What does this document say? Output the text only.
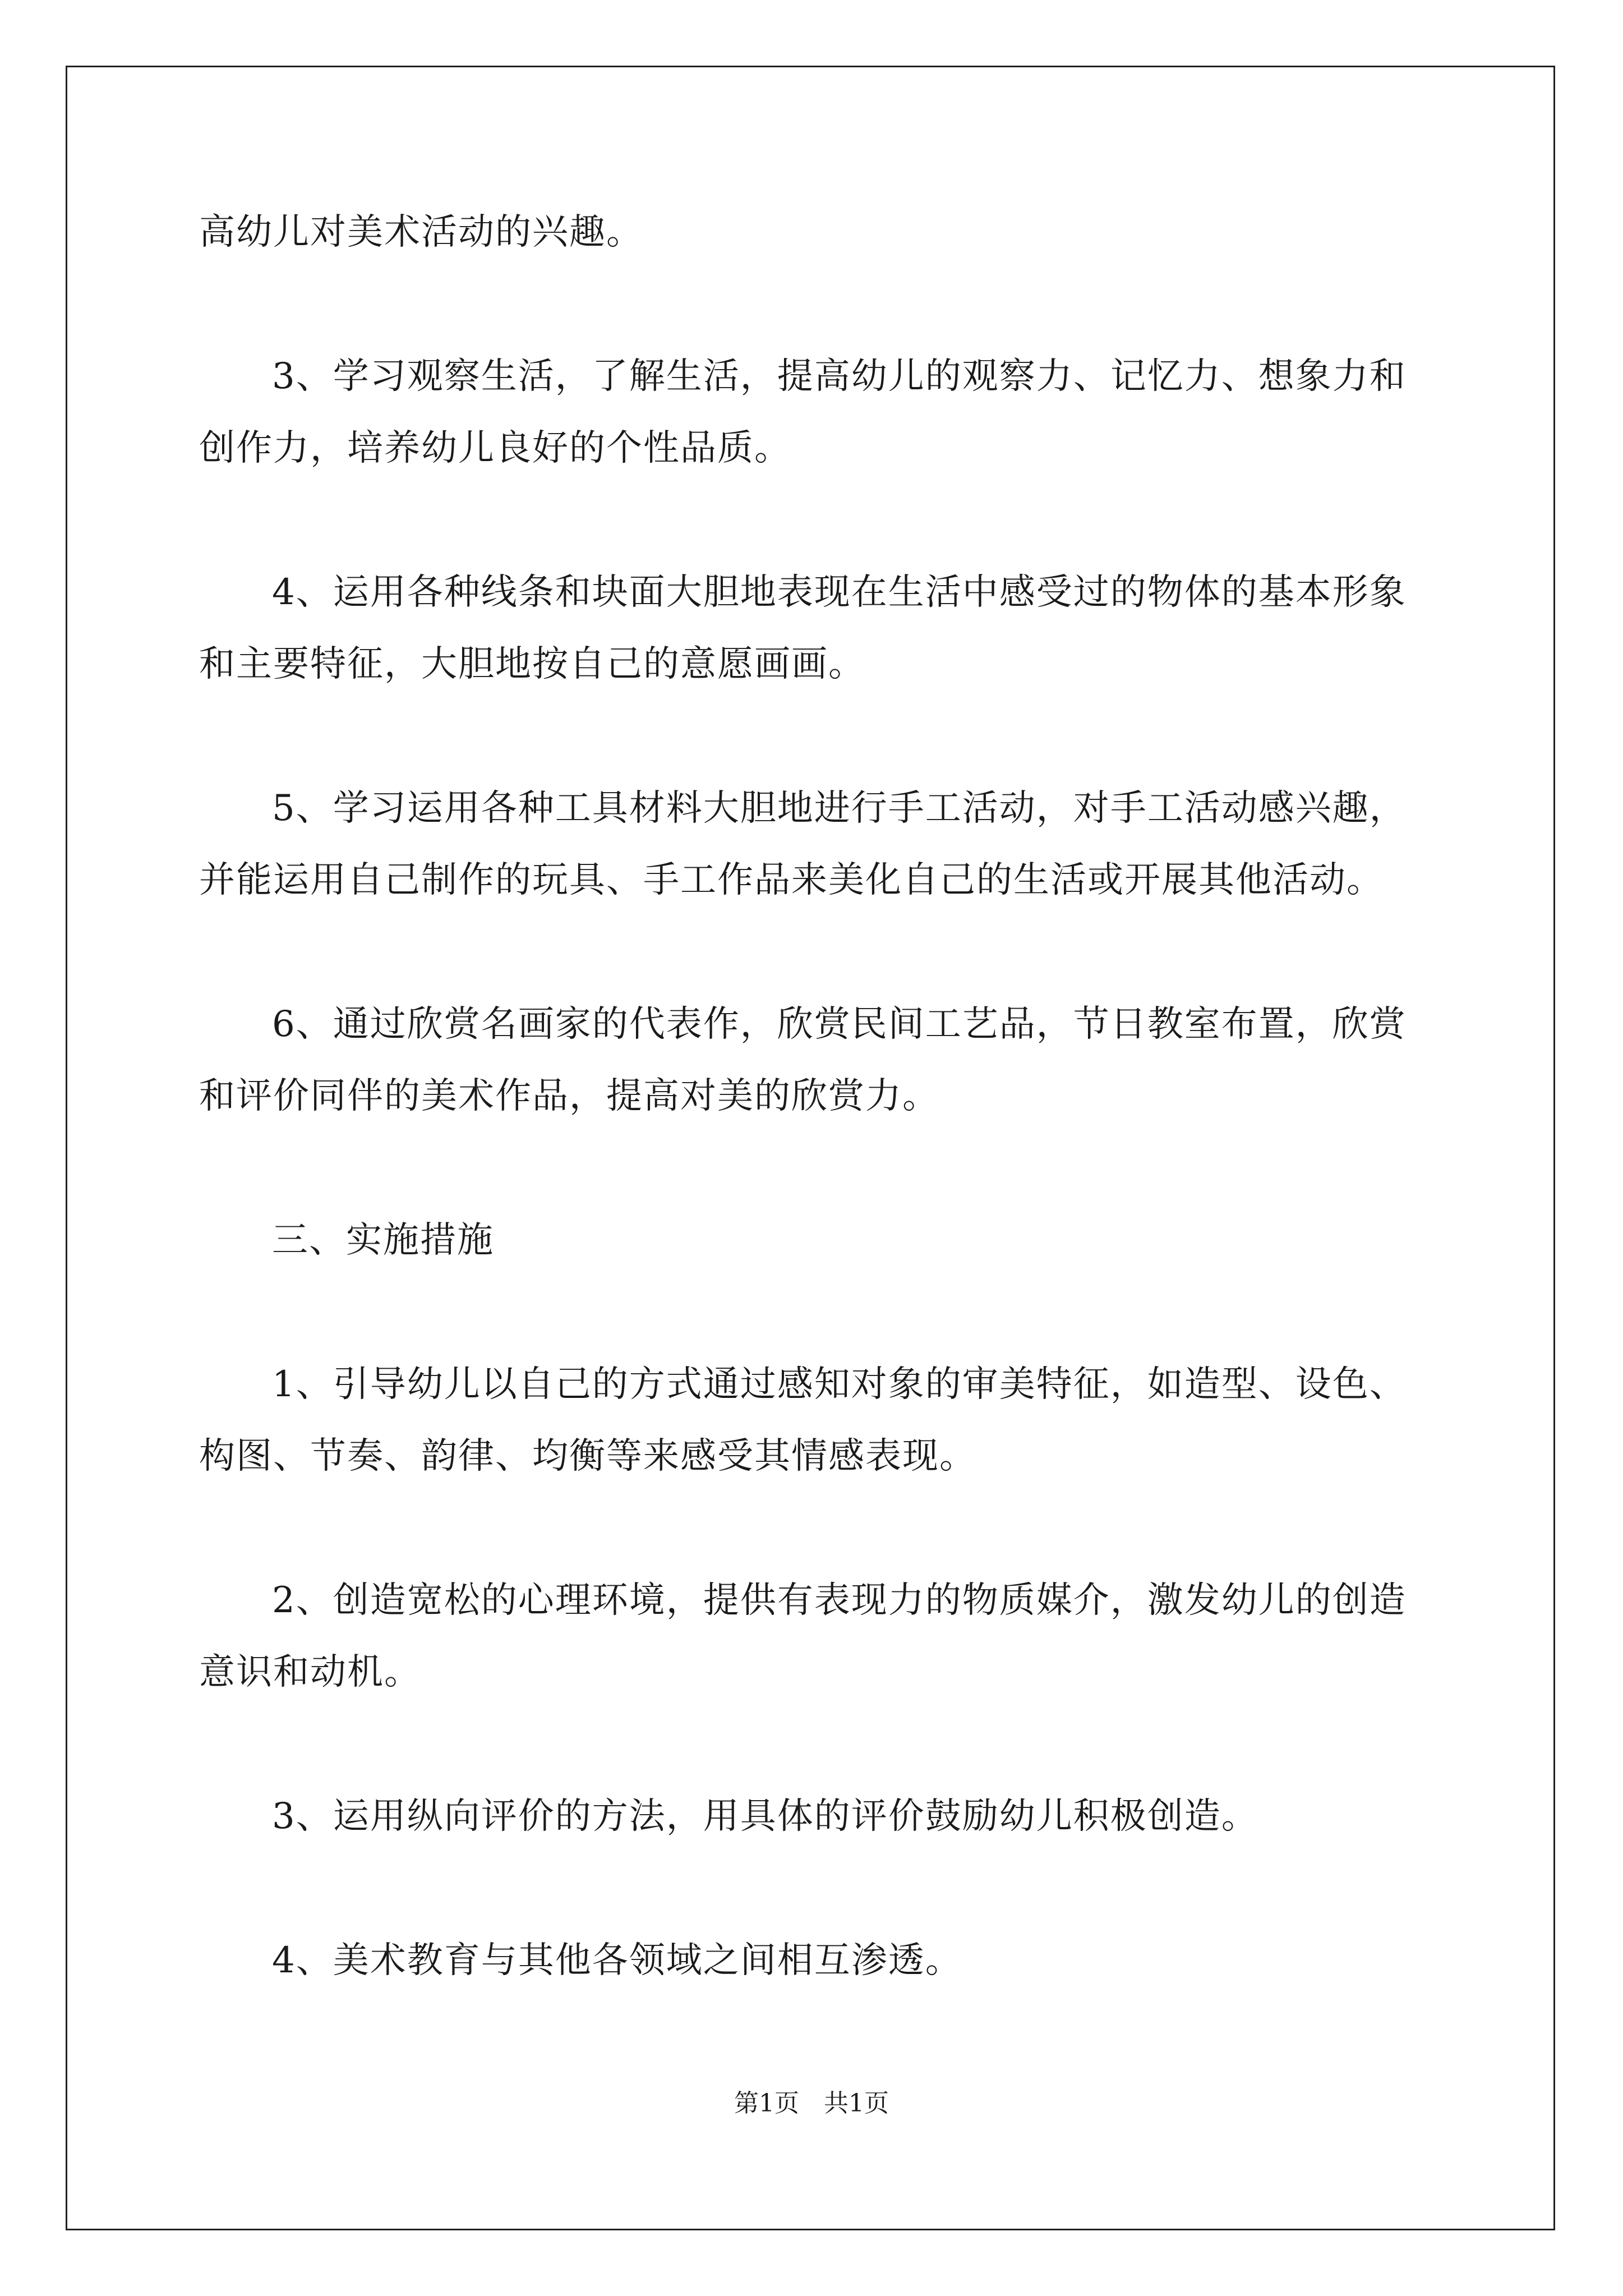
高幼儿对美术活动的兴趣。

3、学习观察生活，了解生活，提高幼儿的观察力、记忆力、想象力和创作力，培养幼儿良好的个性品质。

4、运用各种线条和块面大胆地表现在生活中感受过的物体的基本形象和主要特征，大胆地按自己的意愿画画。

5、学习运用各种工具材料大胆地进行手工活动，对手工活动感兴趣，并能运用自己制作的玩具、手工作品来美化自己的生活或开展其他活动。

6、通过欣赏名画家的代表作，欣赏民间工艺品，节日教室布置，欣赏和评价同伴的美术作品，提高对美的欣赏力。

三、实施措施

1、引导幼儿以自己的方式通过感知对象的审美特征，如造型、设色、构图、节奏、韵律、均衡等来感受其情感表现。

2、创造宽松的心理环境，提供有表现力的物质媒介，激发幼儿的创造意识和动机。

3、运用纵向评价的方法，用具体的评价鼓励幼儿积极创造。

4、美术教育与其他各领域之间相互渗透。

第1页　共1页
